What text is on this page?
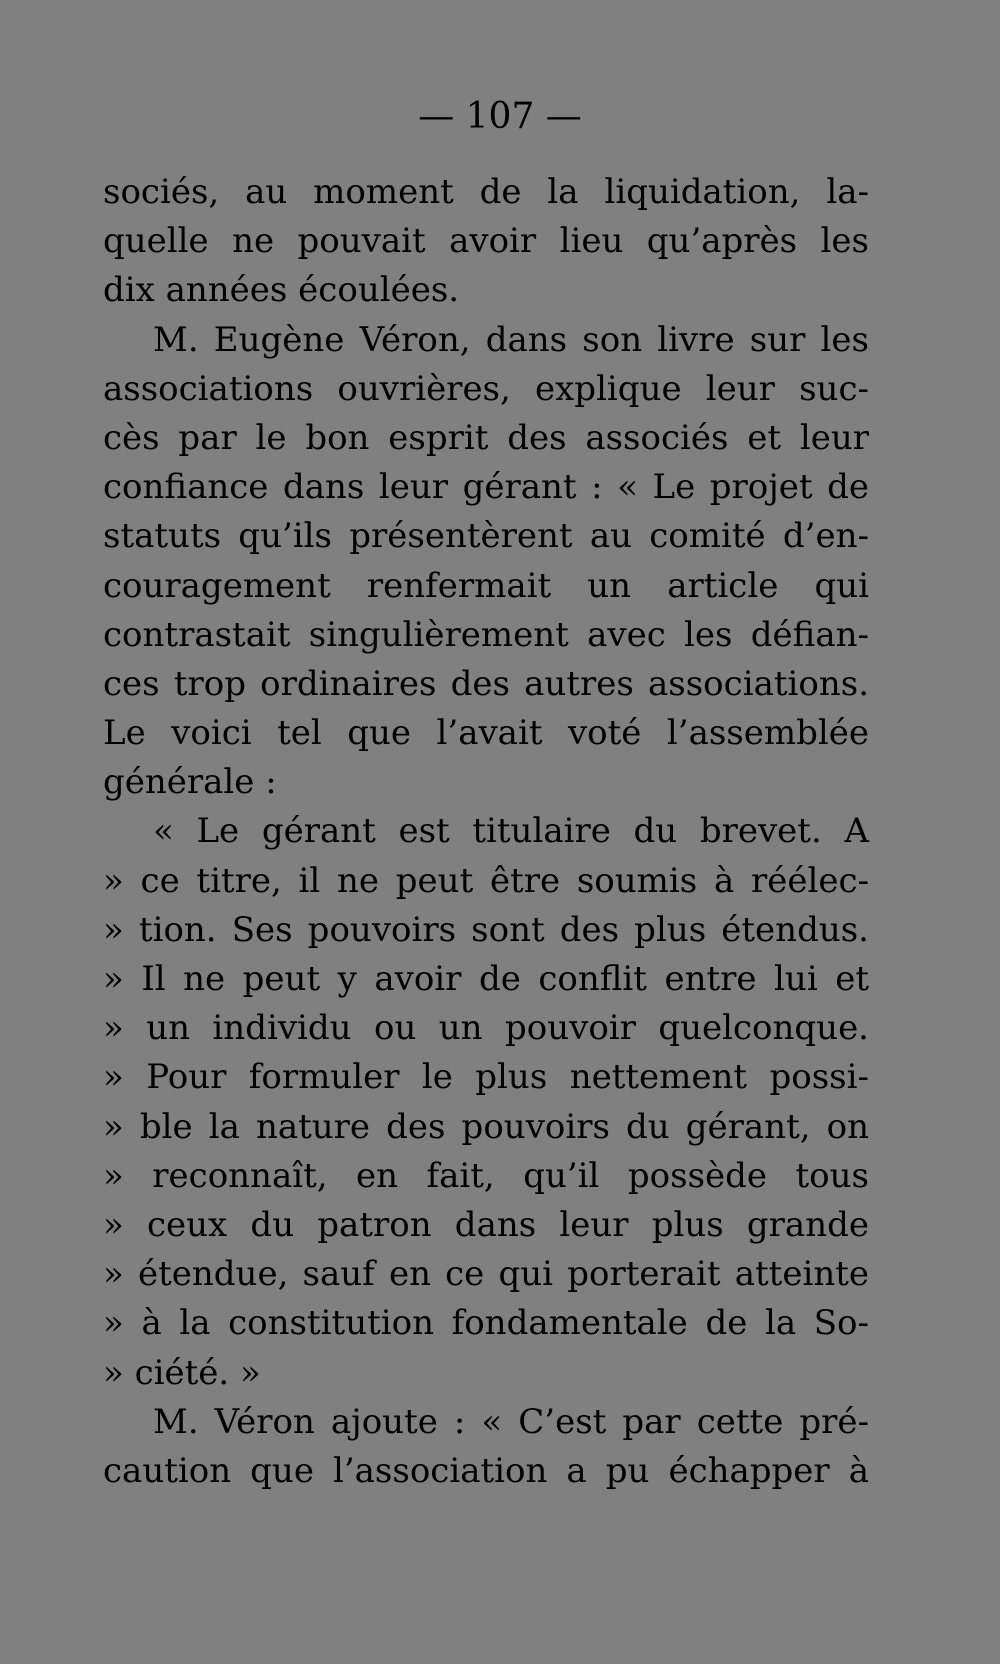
— 107 —
sociés, au moment de la liquidation, la-
quelle ne pouvait avoir lieu qu’après les
dix années écoulées.
M. Eugène Véron, dans son livre sur les
associations ouvrières, explique leur suc-
cès par le bon esprit des associés et leur
confiance dans leur gérant : « Le projet de
statuts qu’ils présentèrent au comité d’en-
couragement renfermait un article qui
contrastait singulièrement avec les défian-
ces trop ordinaires des autres associations.
Le voici tel que l’avait voté l’assemblée
générale :
« Le gérant est titulaire du brevet. A
» ce titre, il ne peut être soumis à réélec-
» tion. Ses pouvoirs sont des plus étendus.
» Il ne peut y avoir de conflit entre lui et
» un individu ou un pouvoir quelconque.
» Pour formuler le plus nettement possi-
» ble la nature des pouvoirs du gérant, on
» reconnaît, en fait, qu’il possède tous
» ceux du patron dans leur plus grande
» étendue, sauf en ce qui porterait atteinte
» à la constitution fondamentale de la So-
» ciété. »
M. Véron ajoute : « C’est par cette pré-
caution que l’association a pu échapper à
